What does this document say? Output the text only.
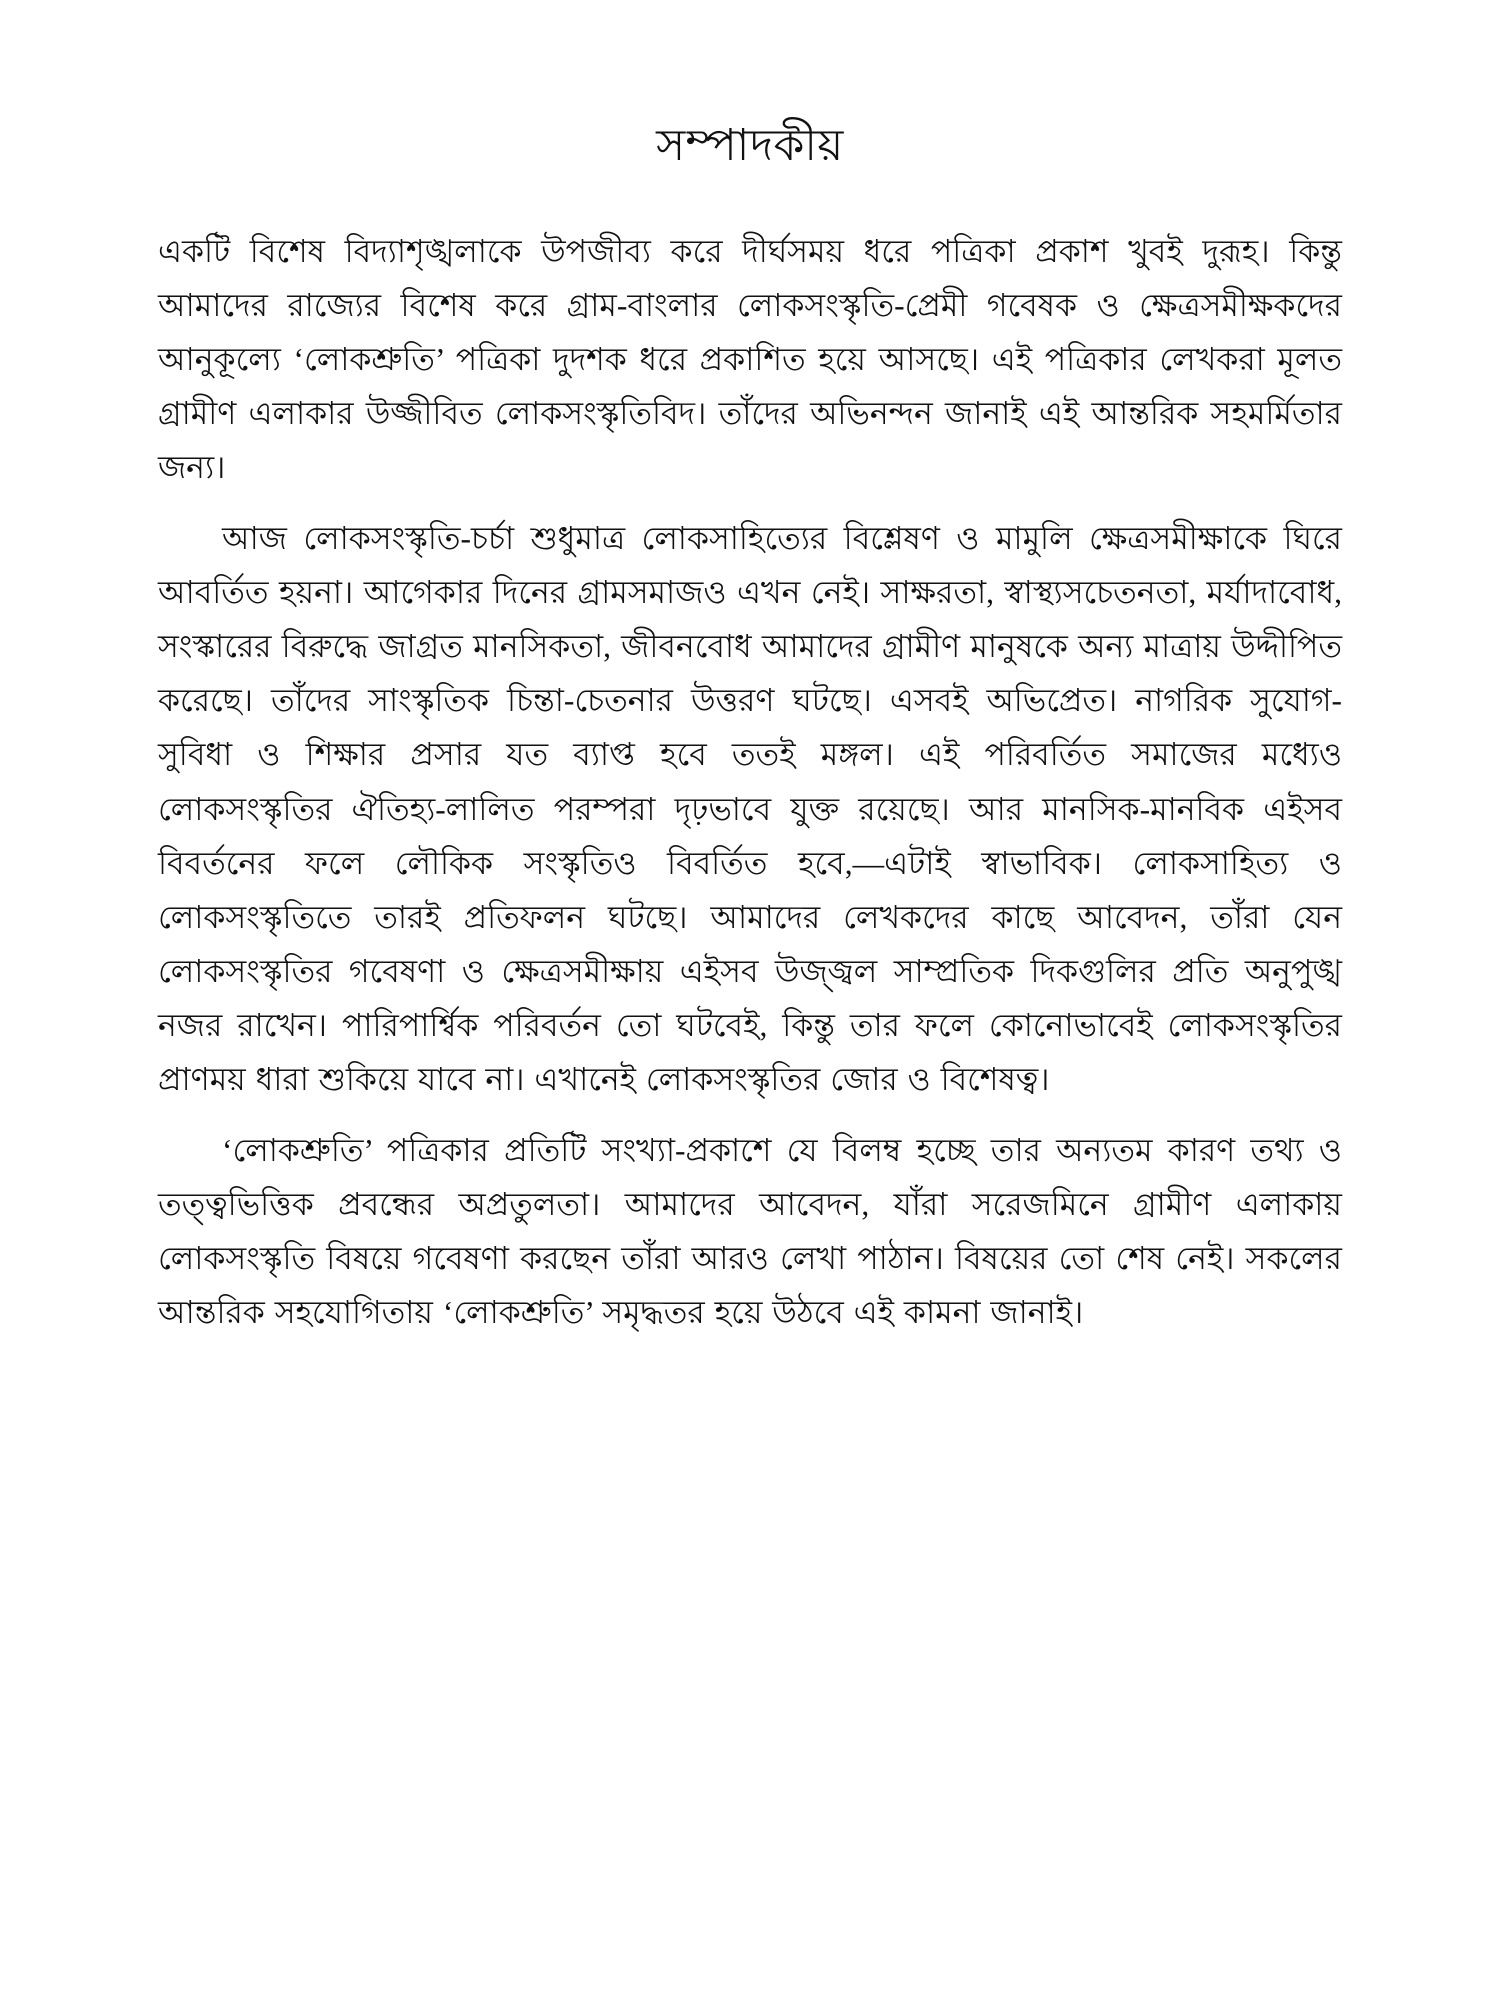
সম্পাদকীয়

একটি বিশেষ বিদ্যাশৃঙ্খলাকে উপজীব্য করে দীর্ঘসময় ধরে পত্রিকা প্রকাশ খুবই দুরূহ। কিন্তু আমাদের রাজ্যের বিশেষ করে গ্রাম-বাংলার লোকসংস্কৃতি-প্রেমী গবেষক ও ক্ষেত্রসমীক্ষকদের আনুকূল্যে ‘লোকশ্রুতি’ পত্রিকা দুদশক ধরে প্রকাশিত হয়ে আসছে। এই পত্রিকার লেখকরা মূলত গ্রামীণ এলাকার উজ্জীবিত লোকসংস্কৃতিবিদ। তাঁদের অভিনন্দন জানাই এই আন্তরিক সহমর্মিতার জন্য।

আজ লোকসংস্কৃতি-চর্চা শুধুমাত্র লোকসাহিত্যের বিশ্লেষণ ও মামুলি ক্ষেত্রসমীক্ষাকে ঘিরে আবর্তিত হয়না। আগেকার দিনের গ্রামসমাজও এখন নেই। সাক্ষরতা, স্বাস্থ্যসচেতনতা, মর্যাদাবোধ, সংস্কারের বিরুদ্ধে জাগ্রত মানসিকতা, জীবনবোধ আমাদের গ্রামীণ মানুষকে অন্য মাত্রায় উদ্দীপিত করেছে। তাঁদের সাংস্কৃতিক চিন্তা-চেতনার উত্তরণ ঘটছে। এসবই অভিপ্রেত। নাগরিক সুযোগ-সুবিধা ও শিক্ষার প্রসার যত ব্যাপ্ত হবে ততই মঙ্গল। এই পরিবর্তিত সমাজের মধ্যেও লোকসংস্কৃতির ঐতিহ্য-লালিত পরম্পরা দৃঢ়ভাবে যুক্ত রয়েছে। আর মানসিক-মানবিক এইসব বিবর্তনের ফলে লৌকিক সংস্কৃতিও বিবর্তিত হবে,—এটাই স্বাভাবিক। লোকসাহিত্য ও লোকসংস্কৃতিতে তারই প্রতিফলন ঘটছে। আমাদের লেখকদের কাছে আবেদন, তাঁরা যেন লোকসংস্কৃতির গবেষণা ও ক্ষেত্রসমীক্ষায় এইসব উজ্জ্বল সাম্প্রতিক দিকগুলির প্রতি অনুপুঙ্খ নজর রাখেন। পারিপার্শ্বিক পরিবর্তন তো ঘটবেই, কিন্তু তার ফলে কোনোভাবেই লোকসংস্কৃতির প্রাণময় ধারা শুকিয়ে যাবে না। এখানেই লোকসংস্কৃতির জোর ও বিশেষত্ব।

‘লোকশ্রুতি’ পত্রিকার প্রতিটি সংখ্যা-প্রকাশে যে বিলম্ব হচ্ছে তার অন্যতম কারণ তথ্য ও তত্ত্বভিত্তিক প্রবন্ধের অপ্রতুলতা। আমাদের আবেদন, যাঁরা সরেজমিনে গ্রামীণ এলাকায় লোকসংস্কৃতি বিষয়ে গবেষণা করছেন তাঁরা আরও লেখা পাঠান। বিষয়ের তো শেষ নেই। সকলের আন্তরিক সহযোগিতায় ‘লোকশ্রুতি’ সমৃদ্ধতর হয়ে উঠবে এই কামনা জানাই।
